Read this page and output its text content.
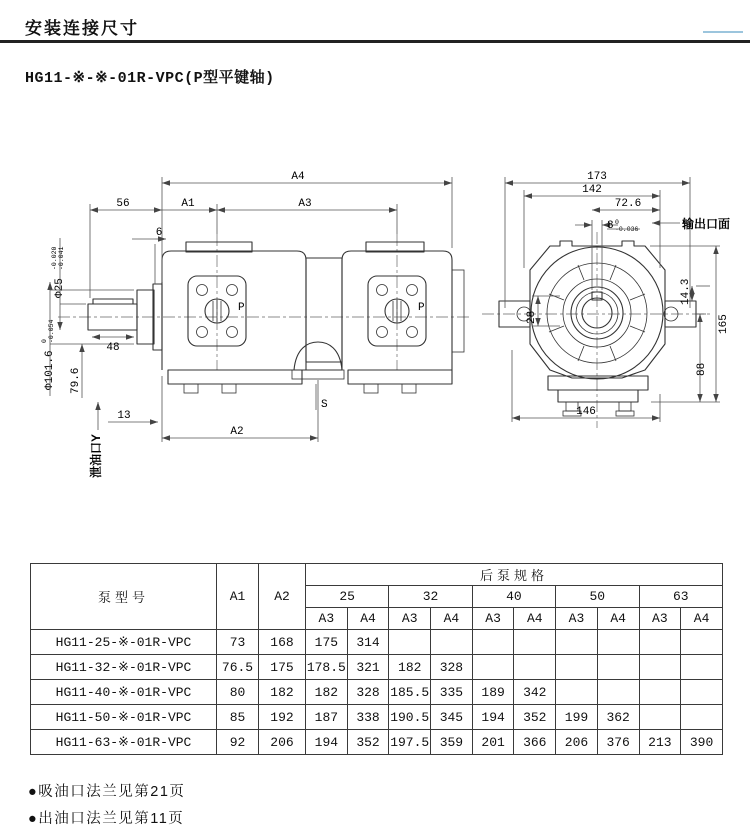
安装连接尺寸
HG11-※-※-01R-VPC(P型平键轴)
P	P
A4
56	A1	A3
6
Φ25
-0.020 -0.041
Φ101.6
0 -0.054
79.6
48
13
A2
S
泄油口Y
173
142
72.6
8 0
-0.036	输出口面
28
14.3
165
88
146
泵型号	A1	A2	后泵规格									
			25		32		40		50		63	
			A3	A4	A3	A4	A3	A4	A3	A4	A3	A4
HG11-25-※-01R-VPC	73	168	175	314								
HG11-32-※-01R-VPC	76.5	175	178.5	321	182	328						
HG11-40-※-01R-VPC	80	182	182	328	185.5	335	189	342				
HG11-50-※-01R-VPC	85	192	187	338	190.5	345	194	352	199	362		
HG11-63-※-01R-VPC	92	206	194	352	197.5	359	201	366	206	376	213	390
●吸油口法兰见第21页
●出油口法兰见第11页
